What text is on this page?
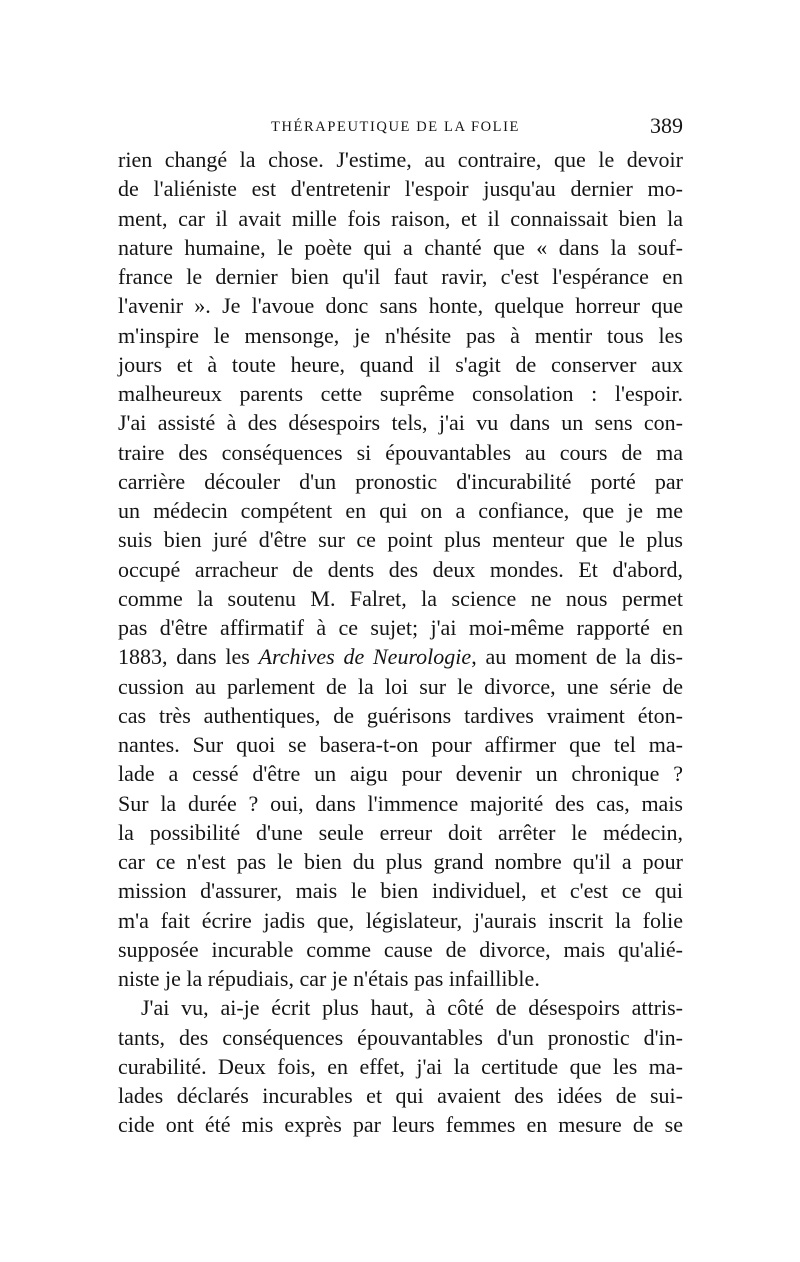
THÉRAPEUTIQUE DE LA FOLIE	389
rien changé la chose. J'estime, au contraire, que le devoir
de l'aliéniste est d'entretenir l'espoir jusqu'au dernier mo-
ment, car il avait mille fois raison, et il connaissait bien la
nature humaine, le poète qui a chanté que « dans la souf-
france le dernier bien qu'il faut ravir, c'est l'espérance en
l'avenir ». Je l'avoue donc sans honte, quelque horreur que
m'inspire le mensonge, je n'hésite pas à mentir tous les
jours et à toute heure, quand il s'agit de conserver aux
malheureux parents cette suprême consolation : l'espoir.
J'ai assisté à des désespoirs tels, j'ai vu dans un sens con-
traire des conséquences si épouvantables au cours de ma
carrière découler d'un pronostic d'incurabilité porté par
un médecin compétent en qui on a confiance, que je me
suis bien juré d'être sur ce point plus menteur que le plus
occupé arracheur de dents des deux mondes. Et d'abord,
comme la soutenu M. Falret, la science ne nous permet
pas d'être affirmatif à ce sujet; j'ai moi-même rapporté en
1883, dans les Archives de Neurologie, au moment de la dis-
cussion au parlement de la loi sur le divorce, une série de
cas très authentiques, de guérisons tardives vraiment éton-
nantes. Sur quoi se basera-t-on pour affirmer que tel ma-
lade a cessé d'être un aigu pour devenir un chronique ?
Sur la durée ? oui, dans l'immence majorité des cas, mais
la possibilité d'une seule erreur doit arrêter le médecin,
car ce n'est pas le bien du plus grand nombre qu'il a pour
mission d'assurer, mais le bien individuel, et c'est ce qui
m'a fait écrire jadis que, législateur, j'aurais inscrit la folie
supposée incurable comme cause de divorce, mais qu'alié-
niste je la répudiais, car je n'étais pas infaillible.
J'ai vu, ai-je écrit plus haut, à côté de désespoirs attris-
tants, des conséquences épouvantables d'un pronostic d'in-
curabilité. Deux fois, en effet, j'ai la certitude que les ma-
lades déclarés incurables et qui avaient des idées de sui-
cide ont été mis exprès par leurs femmes en mesure de se
